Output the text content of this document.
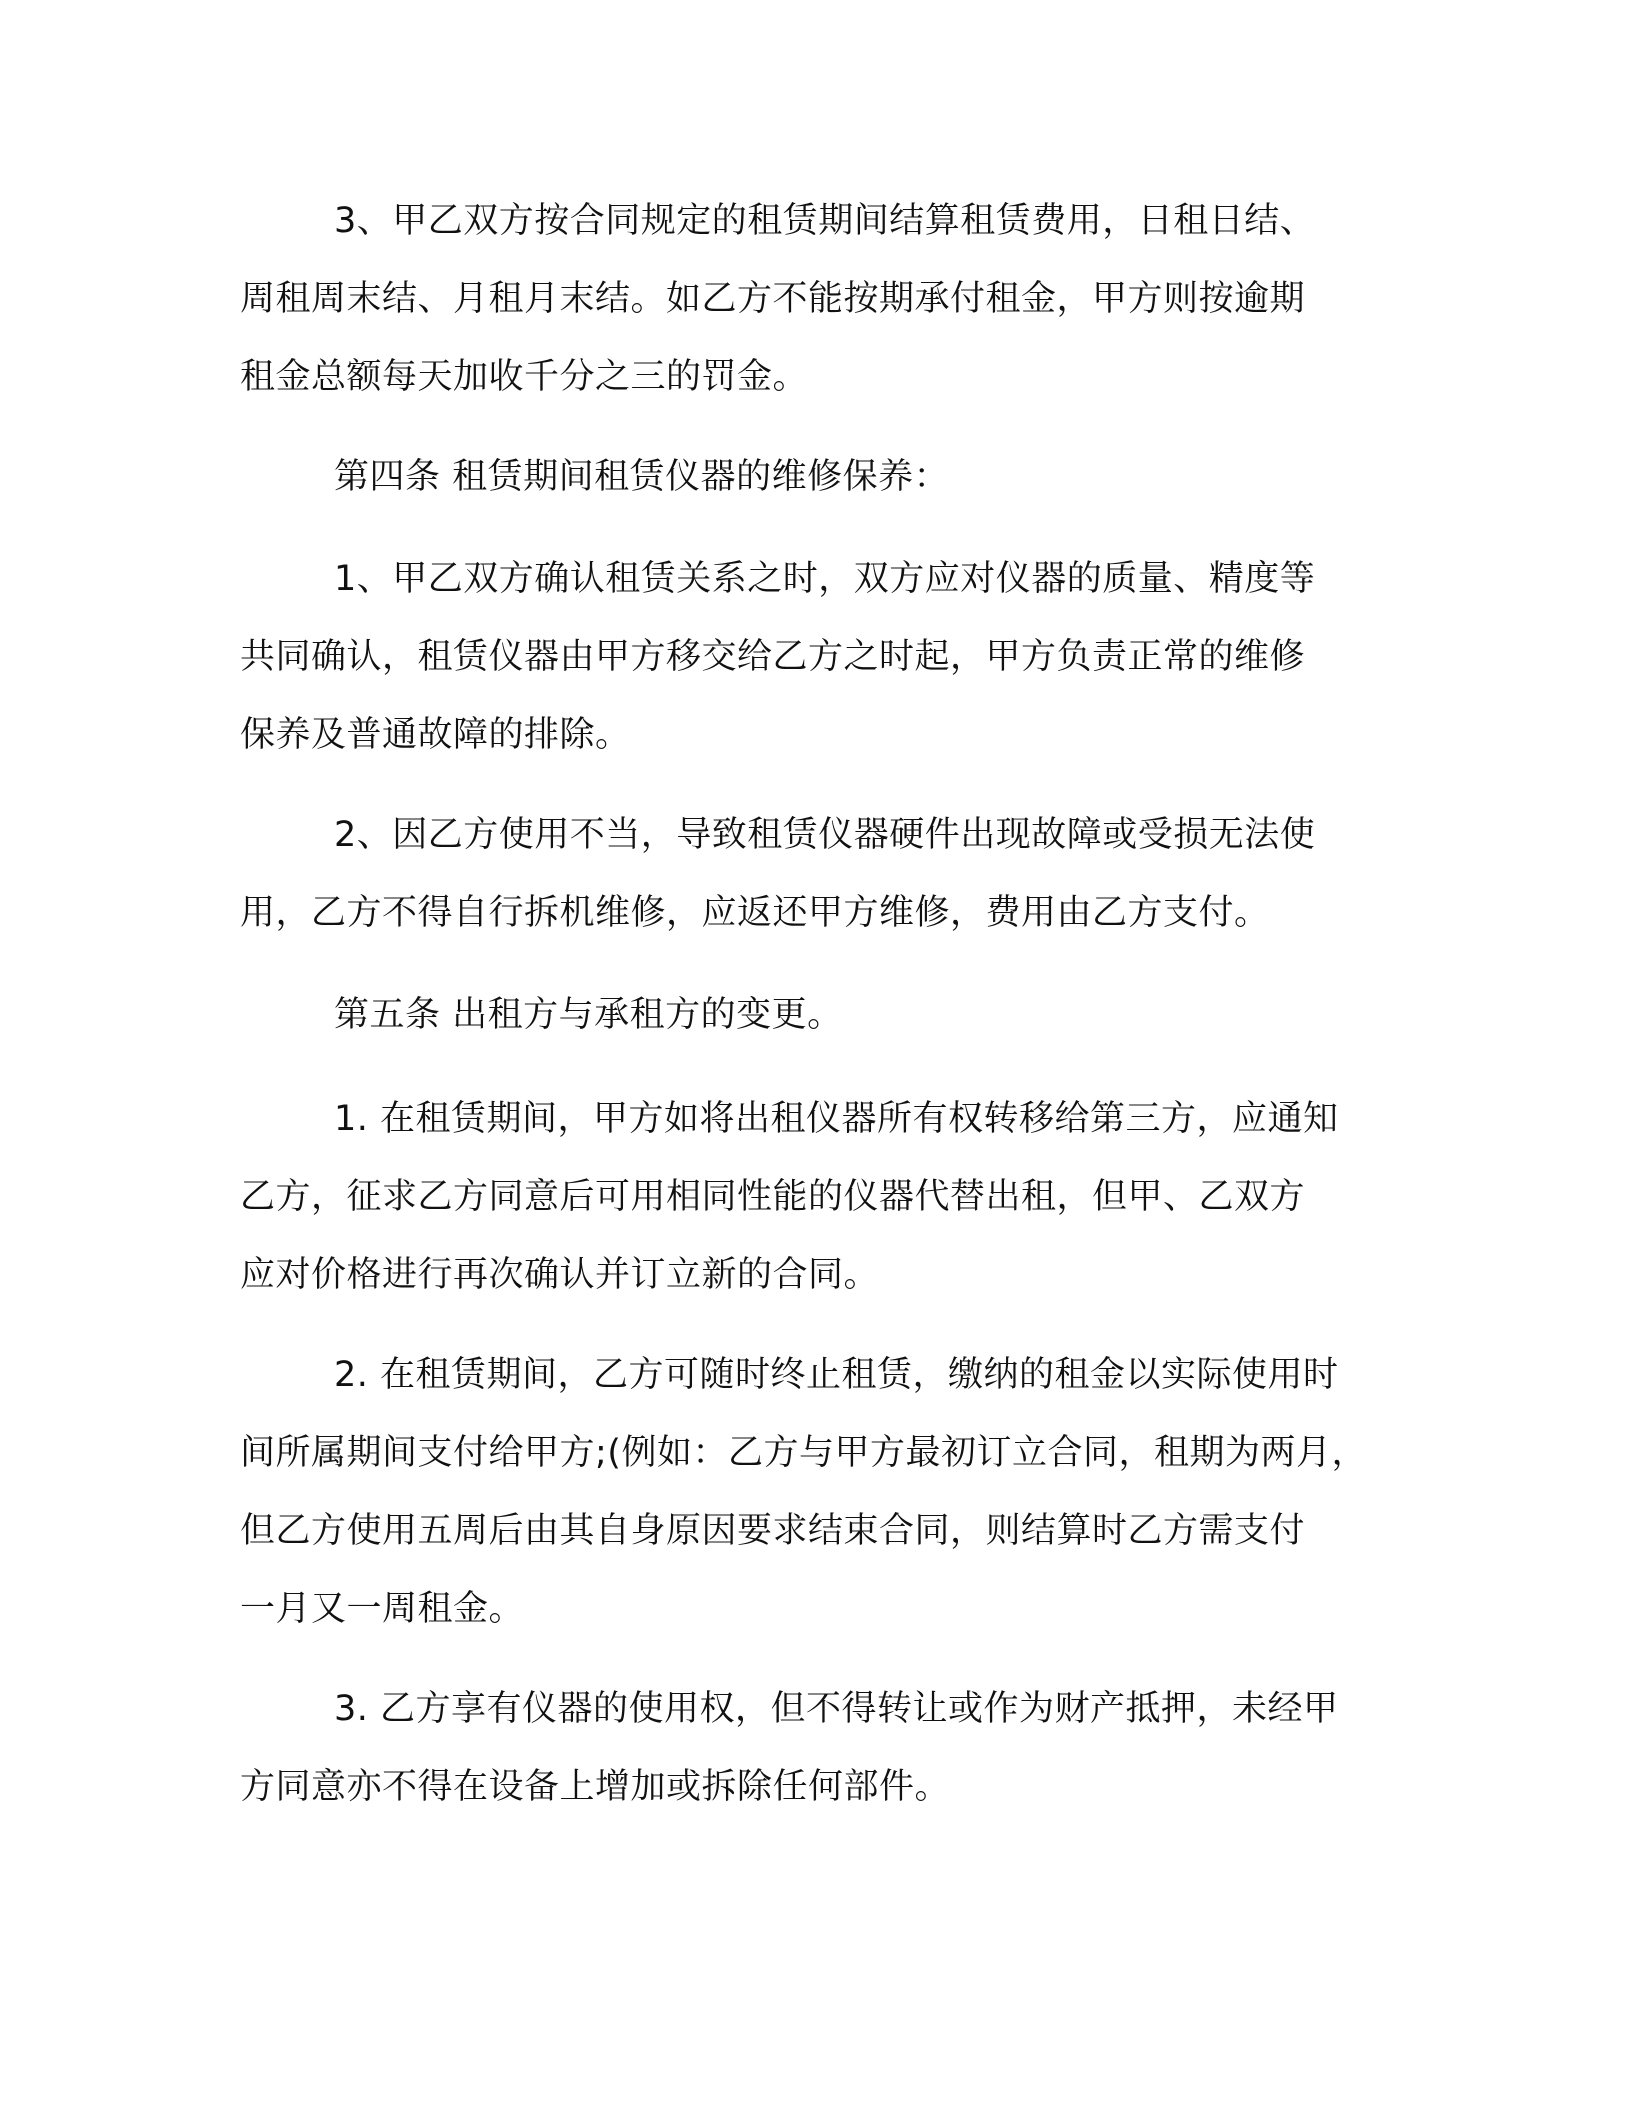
3、甲乙双方按合同规定的租赁期间结算租赁费用，日租日结、
周租周末结、月租月末结。如乙方不能按期承付租金，甲方则按逾期
租金总额每天加收千分之三的罚金。

第四条 租赁期间租赁仪器的维修保养：

1、甲乙双方确认租赁关系之时，双方应对仪器的质量、精度等
共同确认，租赁仪器由甲方移交给乙方之时起，甲方负责正常的维修
保养及普通故障的排除。

2、因乙方使用不当，导致租赁仪器硬件出现故障或受损无法使
用，乙方不得自行拆机维修，应返还甲方维修，费用由乙方支付。

第五条 出租方与承租方的变更。

1. 在租赁期间，甲方如将出租仪器所有权转移给第三方，应通知
乙方，征求乙方同意后可用相同性能的仪器代替出租，但甲、乙双方
应对价格进行再次确认并订立新的合同。

2. 在租赁期间，乙方可随时终止租赁，缴纳的租金以实际使用时
间所属期间支付给甲方;(例如：乙方与甲方最初订立合同，租期为两月，
但乙方使用五周后由其自身原因要求结束合同，则结算时乙方需支付
一月又一周租金。

3. 乙方享有仪器的使用权，但不得转让或作为财产抵押，未经甲
方同意亦不得在设备上增加或拆除任何部件。
